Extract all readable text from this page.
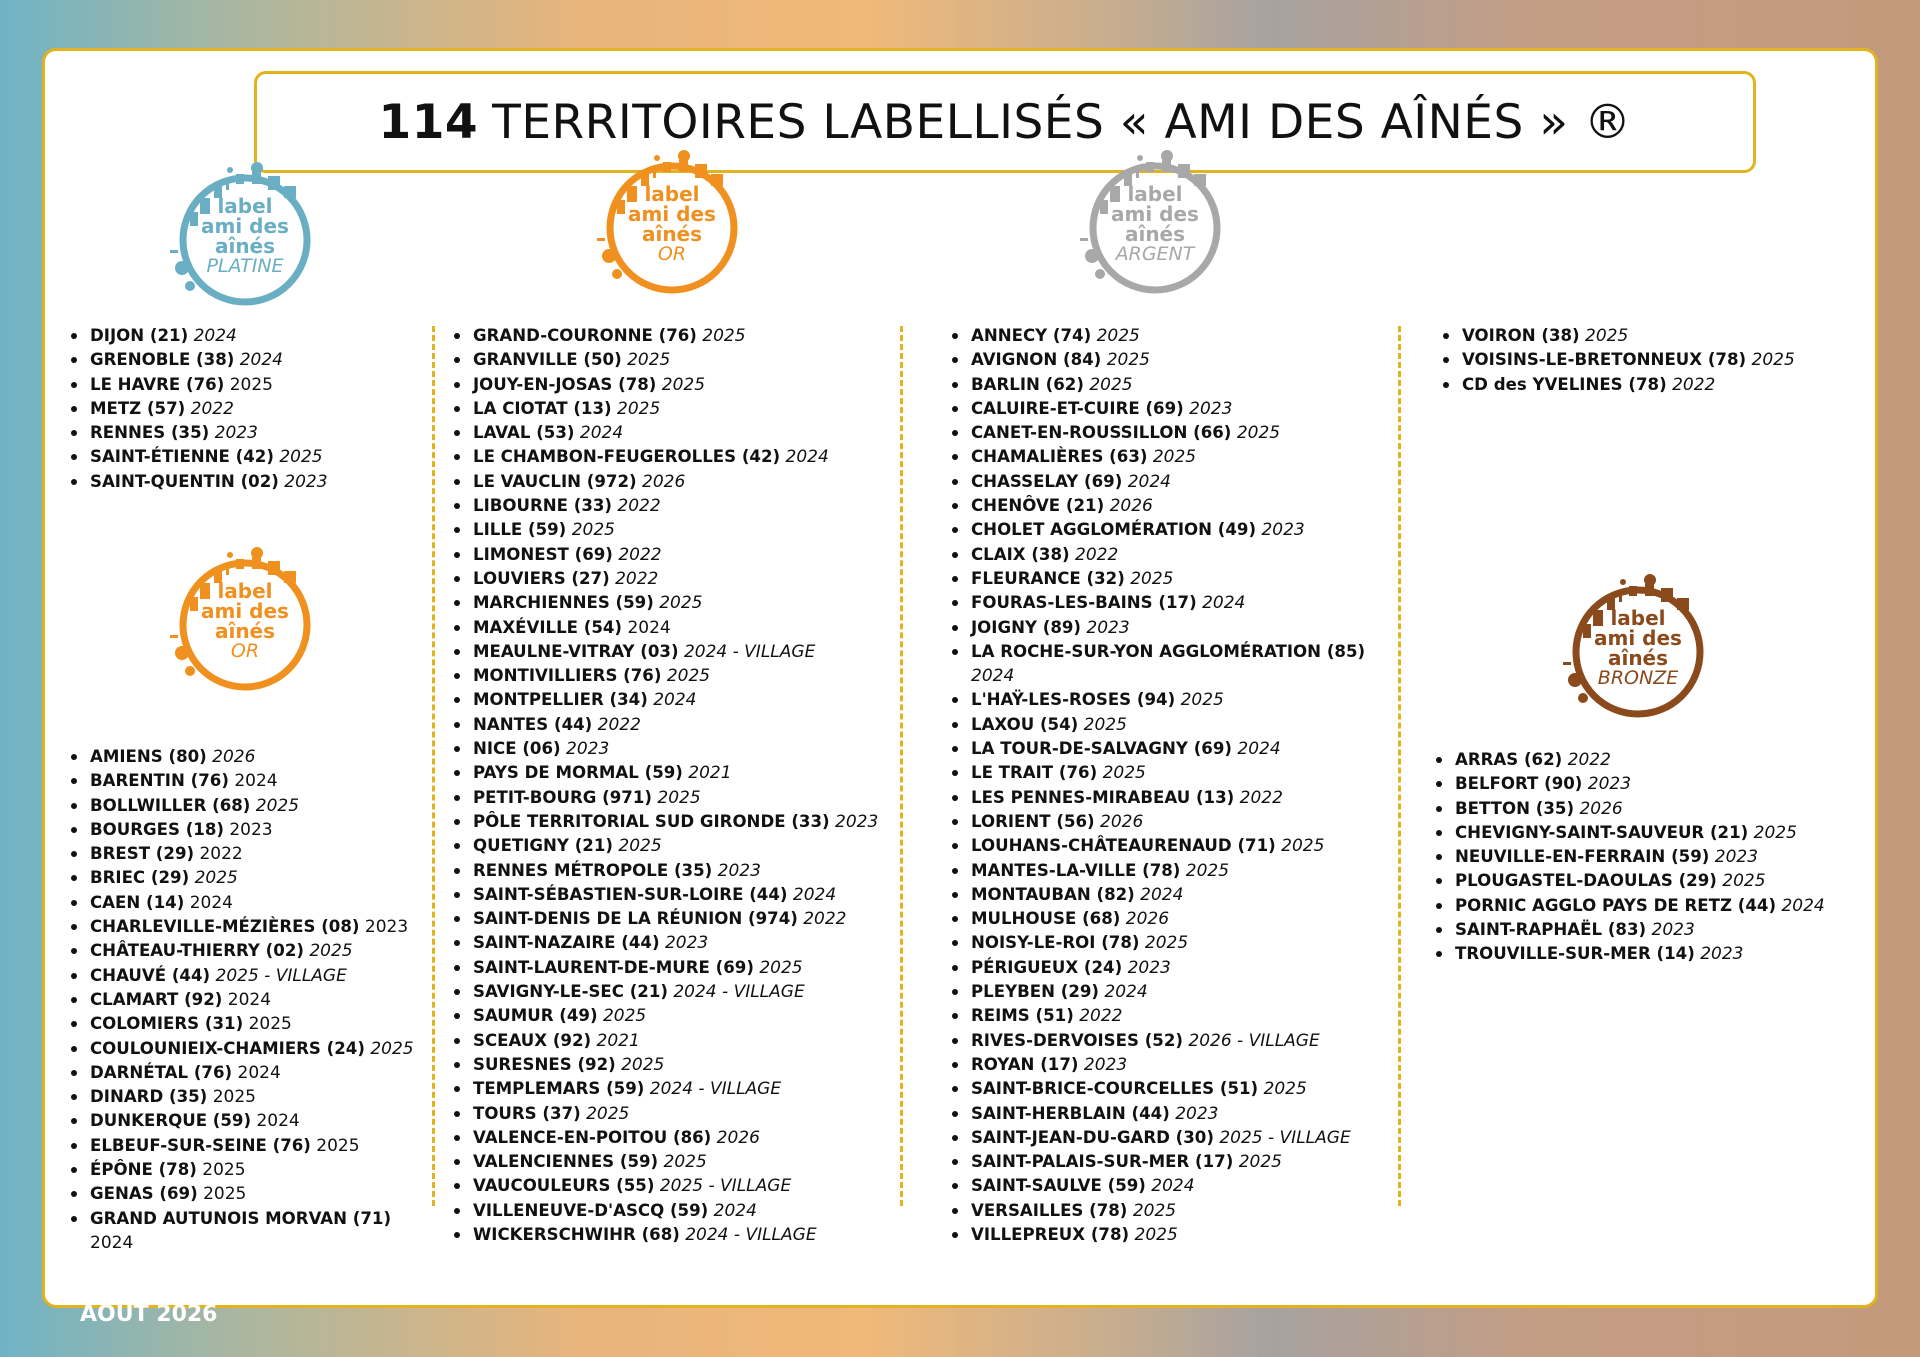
114 TERRITOIRES LABELLISÉS « AMI DES AÎNÉS » ®
label
ami des
aînés
PLATINE
label
ami des
aînés
OR
label
ami des
aînés
ARGENT
label
ami des
aînés
OR
label
ami des
aînés
BRONZE
DIJON (21) 2024
GRENOBLE (38) 2024
LE HAVRE (76) 2025
METZ (57) 2022
RENNES (35) 2023
SAINT-ÉTIENNE (42) 2025
SAINT-QUENTIN (02) 2023
AMIENS (80) 2026
BARENTIN (76) 2024
BOLLWILLER (68) 2025
BOURGES (18) 2023
BREST (29) 2022
BRIEC (29) 2025
CAEN (14) 2024
CHARLEVILLE-MÉZIÈRES (08) 2023
CHÂTEAU-THIERRY (02) 2025
CHAUVÉ (44) 2025 - VILLAGE
CLAMART (92) 2024
COLOMIERS (31) 2025
COULOUNIEIX-CHAMIERS (24) 2025
DARNÉTAL (76) 2024
DINARD (35) 2025
DUNKERQUE (59) 2024
ELBEUF-SUR-SEINE (76) 2025
ÉPÔNE (78) 2025
GENAS (69) 2025
GRAND AUTUNOIS MORVAN (71)
2024
GRAND-COURONNE (76) 2025
GRANVILLE (50) 2025
JOUY-EN-JOSAS (78) 2025
LA CIOTAT (13) 2025
LAVAL (53) 2024
LE CHAMBON-FEUGEROLLES (42) 2024
LE VAUCLIN (972) 2026
LIBOURNE (33) 2022
LILLE (59) 2025
LIMONEST (69) 2022
LOUVIERS (27) 2022
MARCHIENNES (59) 2025
MAXÉVILLE (54) 2024
MEAULNE-VITRAY (03) 2024 - VILLAGE
MONTIVILLIERS (76) 2025
MONTPELLIER (34) 2024
NANTES (44) 2022
NICE (06) 2023
PAYS DE MORMAL (59) 2021
PETIT-BOURG (971) 2025
PÔLE TERRITORIAL SUD GIRONDE (33) 2023
QUETIGNY (21) 2025
RENNES MÉTROPOLE (35) 2023
SAINT-SÉBASTIEN-SUR-LOIRE (44) 2024
SAINT-DENIS DE LA RÉUNION (974) 2022
SAINT-NAZAIRE (44) 2023
SAINT-LAURENT-DE-MURE (69) 2025
SAVIGNY-LE-SEC (21) 2024 - VILLAGE
SAUMUR (49) 2025
SCEAUX (92) 2021
SURESNES (92) 2025
TEMPLEMARS (59) 2024 - VILLAGE
TOURS (37) 2025
VALENCE-EN-POITOU (86) 2026
VALENCIENNES (59) 2025
VAUCOULEURS (55) 2025 - VILLAGE
VILLENEUVE-D'ASCQ (59) 2024
WICKERSCHWIHR (68) 2024 - VILLAGE
ANNECY (74) 2025
AVIGNON (84) 2025
BARLIN (62) 2025
CALUIRE-ET-CUIRE (69) 2023
CANET-EN-ROUSSILLON (66) 2025
CHAMALIÈRES (63) 2025
CHASSELAY (69) 2024
CHENÔVE (21) 2026
CHOLET AGGLOMÉRATION (49) 2023
CLAIX (38) 2022
FLEURANCE (32) 2025
FOURAS-LES-BAINS (17) 2024
JOIGNY (89) 2023
LA ROCHE-SUR-YON AGGLOMÉRATION (85)
2024
L'HAŸ-LES-ROSES (94) 2025
LAXOU (54) 2025
LA TOUR-DE-SALVAGNY (69) 2024
LE TRAIT (76) 2025
LES PENNES-MIRABEAU (13) 2022
LORIENT (56) 2026
LOUHANS-CHÂTEAURENAUD (71) 2025
MANTES-LA-VILLE (78) 2025
MONTAUBAN (82) 2024
MULHOUSE (68) 2026
NOISY-LE-ROI (78) 2025
PÉRIGUEUX (24) 2023
PLEYBEN (29) 2024
REIMS (51) 2022
RIVES-DERVOISES (52) 2026 - VILLAGE
ROYAN (17) 2023
SAINT-BRICE-COURCELLES (51) 2025
SAINT-HERBLAIN (44) 2023
SAINT-JEAN-DU-GARD (30) 2025 - VILLAGE
SAINT-PALAIS-SUR-MER (17) 2025
SAINT-SAULVE (59) 2024
VERSAILLES (78) 2025
VILLEPREUX (78) 2025
VOIRON (38) 2025
VOISINS-LE-BRETONNEUX (78) 2025
CD des YVELINES (78) 2022
ARRAS (62) 2022
BELFORT (90) 2023
BETTON (35) 2026
CHEVIGNY-SAINT-SAUVEUR (21) 2025
NEUVILLE-EN-FERRAIN (59) 2023
PLOUGASTEL-DAOULAS (29) 2025
PORNIC AGGLO PAYS DE RETZ (44) 2024
SAINT-RAPHAËL (83) 2023
TROUVILLE-SUR-MER (14) 2023
AOUT 2026
